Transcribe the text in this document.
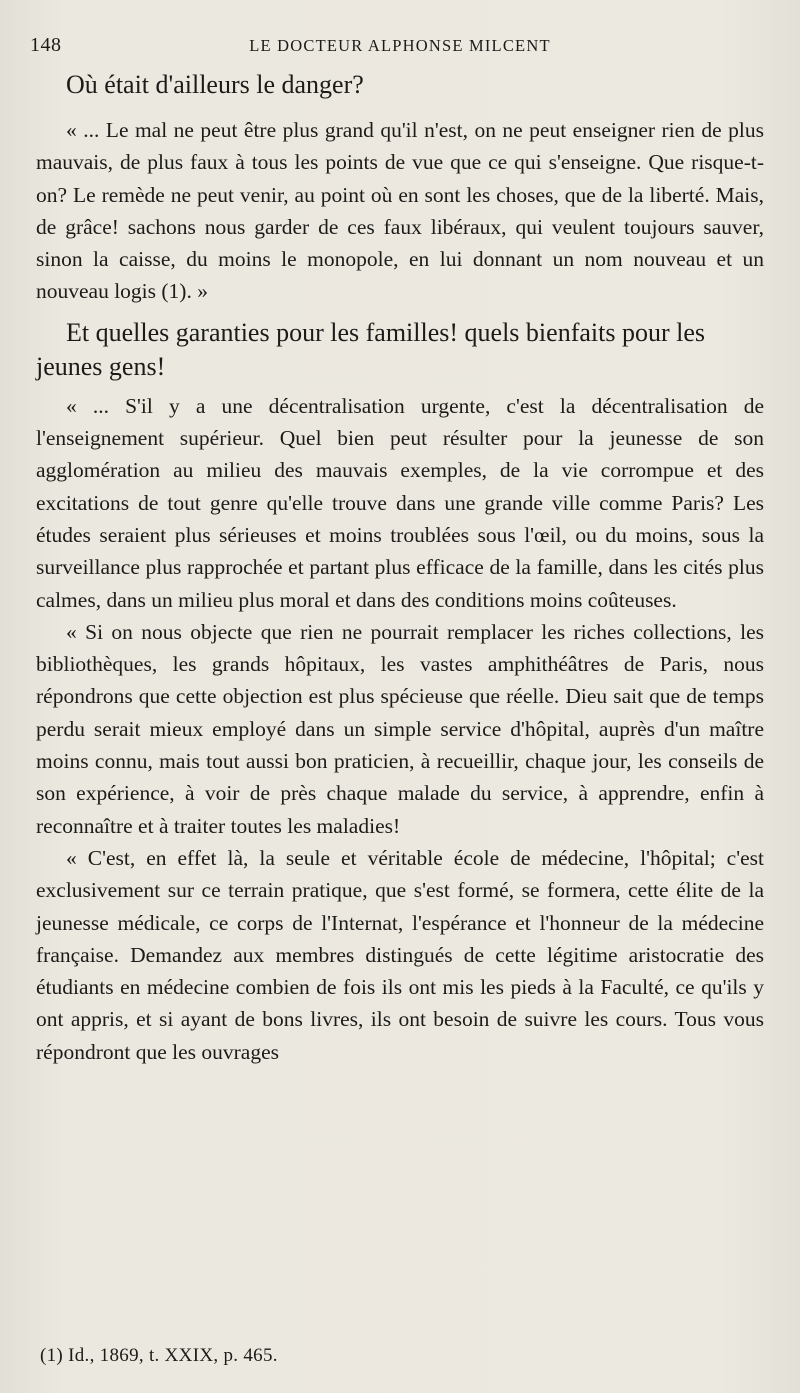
148	LE DOCTEUR ALPHONSE MILCENT

Où était d'ailleurs le danger?

« ... Le mal ne peut être plus grand qu'il n'est, on ne peut enseigner rien de plus mauvais, de plus faux à tous les points de vue que ce qui s'enseigne. Que risque-t-on? Le remède ne peut venir, au point où en sont les choses, que de la liberté. Mais, de grâce! sachons nous garder de ces faux libéraux, qui veulent toujours sauver, sinon la caisse, du moins le monopole, en lui donnant un nom nouveau et un nouveau logis (1). »

Et quelles garanties pour les familles! quels bienfaits pour les jeunes gens!

« ... S'il y a une décentralisation urgente, c'est la décentralisation de l'enseignement supérieur. Quel bien peut résulter pour la jeunesse de son agglomération au milieu des mauvais exemples, de la vie corrompue et des excitations de tout genre qu'elle trouve dans une grande ville comme Paris? Les études seraient plus sérieuses et moins troublées sous l'œil, ou du moins, sous la surveillance plus rapprochée et partant plus efficace de la famille, dans les cités plus calmes, dans un milieu plus moral et dans des conditions moins coûteuses.

« Si on nous objecte que rien ne pourrait remplacer les riches collections, les bibliothèques, les grands hôpitaux, les vastes amphithéâtres de Paris, nous répondrons que cette objection est plus spécieuse que réelle. Dieu sait que de temps perdu serait mieux employé dans un simple service d'hôpital, auprès d'un maître moins connu, mais tout aussi bon praticien, à recueillir, chaque jour, les conseils de son expérience, à voir de près chaque malade du service, à apprendre, enfin à reconnaître et à traiter toutes les maladies!

« C'est, en effet là, la seule et véritable école de médecine, l'hôpital; c'est exclusivement sur ce terrain pratique, que s'est formé, se formera, cette élite de la jeunesse médicale, ce corps de l'Internat, l'espérance et l'honneur de la médecine française. Demandez aux membres distingués de cette légitime aristocratie des étudiants en médecine combien de fois ils ont mis les pieds à la Faculté, ce qu'ils y ont appris, et si ayant de bons livres, ils ont besoin de suivre les cours. Tous vous répondront que les ouvrages

(1) Id., 1869, t. XXIX, p. 465.
